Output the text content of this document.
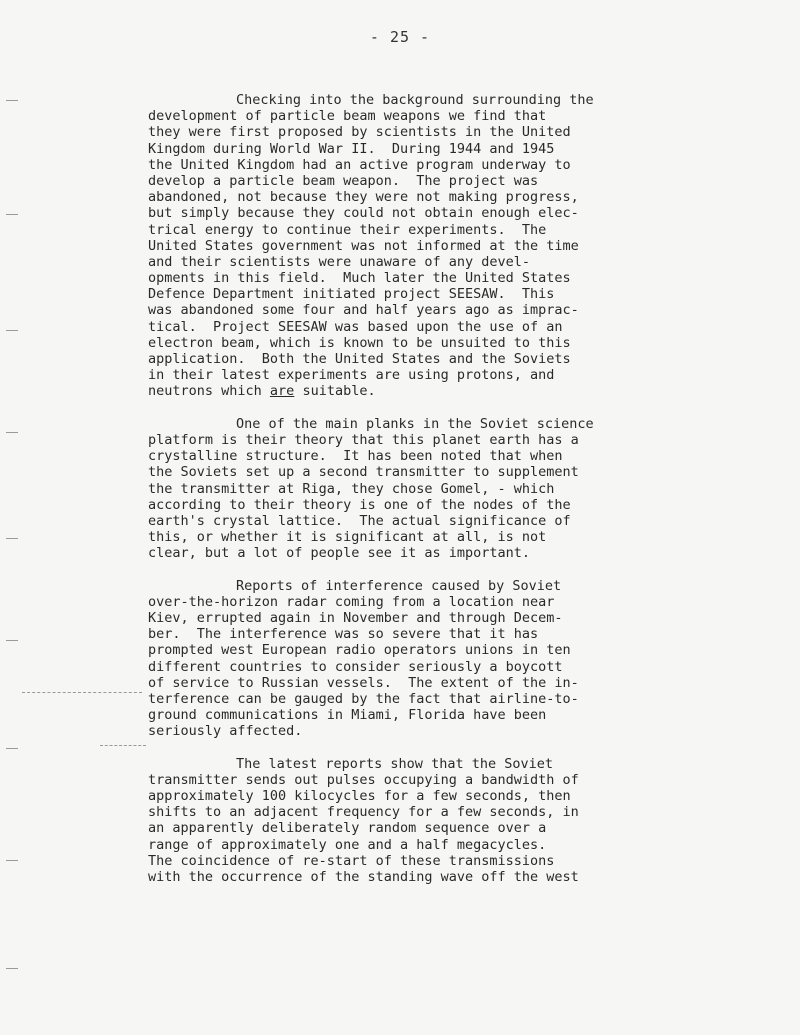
- 25 -
Checking into the background surrounding the
development of particle beam weapons we find that
they were first proposed by scientists in the United
Kingdom during World War II.  During 1944 and 1945
the United Kingdom had an active program underway to
develop a particle beam weapon.  The project was
abandoned, not because they were not making progress,
but simply because they could not obtain enough elec-
trical energy to continue their experiments.  The
United States government was not informed at the time
and their scientists were unaware of any devel-
opments in this field.  Much later the United States
Defence Department initiated project SEESAW.  This
was abandoned some four and half years ago as imprac-
tical.  Project SEESAW was based upon the use of an
electron beam, which is known to be unsuited to this
application.  Both the United States and the Soviets
in their latest experiments are using protons, and
neutrons which are suitable.
One of the main planks in the Soviet science
platform is their theory that this planet earth has a
crystalline structure.  It has been noted that when
the Soviets set up a second transmitter to supplement
the transmitter at Riga, they chose Gomel, - which
according to their theory is one of the nodes of the
earth's crystal lattice.  The actual significance of
this, or whether it is significant at all, is not
clear, but a lot of people see it as important.
Reports of interference caused by Soviet
over-the-horizon radar coming from a location near
Kiev, errupted again in November and through Decem-
ber.  The interference was so severe that it has
prompted west European radio operators unions in ten
different countries to consider seriously a boycott
of service to Russian vessels.  The extent of the in-
terference can be gauged by the fact that airline-to-
ground communications in Miami, Florida have been
seriously affected.
The latest reports show that the Soviet
transmitter sends out pulses occupying a bandwidth of
approximately 100 kilocycles for a few seconds, then
shifts to an adjacent frequency for a few seconds, in
an apparently deliberately random sequence over a
range of approximately one and a half megacycles.
The coincidence of re-start of these transmissions
with the occurrence of the standing wave off the west
